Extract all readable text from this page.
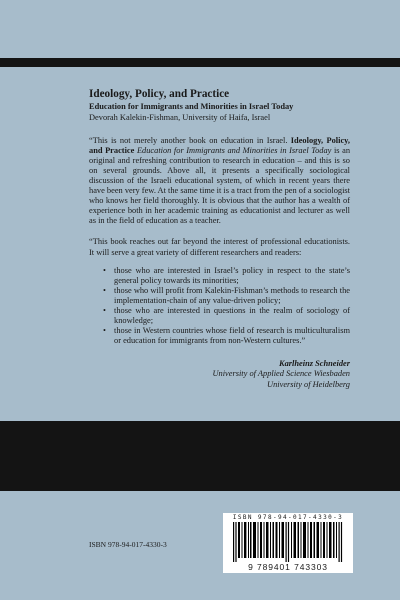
Ideology, Policy, and Practice
Education for Immigrants and Minorities in Israel Today
Devorah Kalekin-Fishman, University of Haifa, Israel

“This is not merely another book on education in Israel. Ideology, Policy, and Practice Education for Immigrants and Minorities in Israel Today is an original and refreshing contribution to research in education – and this is so on several grounds. Above all, it presents a specifically sociological discussion of the Israeli educational system, of which in recent years there have been very few. At the same time it is a tract from the pen of a sociologist who knows her field thoroughly. It is obvious that the author has a wealth of experience both in her academic training as educationist and lecturer as well as in the field of education as a teacher.

“This book reaches out far beyond the interest of professional educationists. It will serve a great variety of different researchers and readers:

• those who are interested in Israel’s policy in respect to the state’s general policy towards its minorities;
• those who will profit from Kalekin-Fishman’s methods to research the implementation-chain of any value-driven policy;
• those who are interested in questions in the realm of sociology of knowledge;
• those in Western countries whose field of research is multiculturalism or education for immigrants from non-Western cultures.”
Karlheinz Schneider
University of Applied Science Wiesbaden
University of Heidelberg
ISBN 978-94-017-4330-3
ISBN 978-94-017-4330-3
9 789401 743303
